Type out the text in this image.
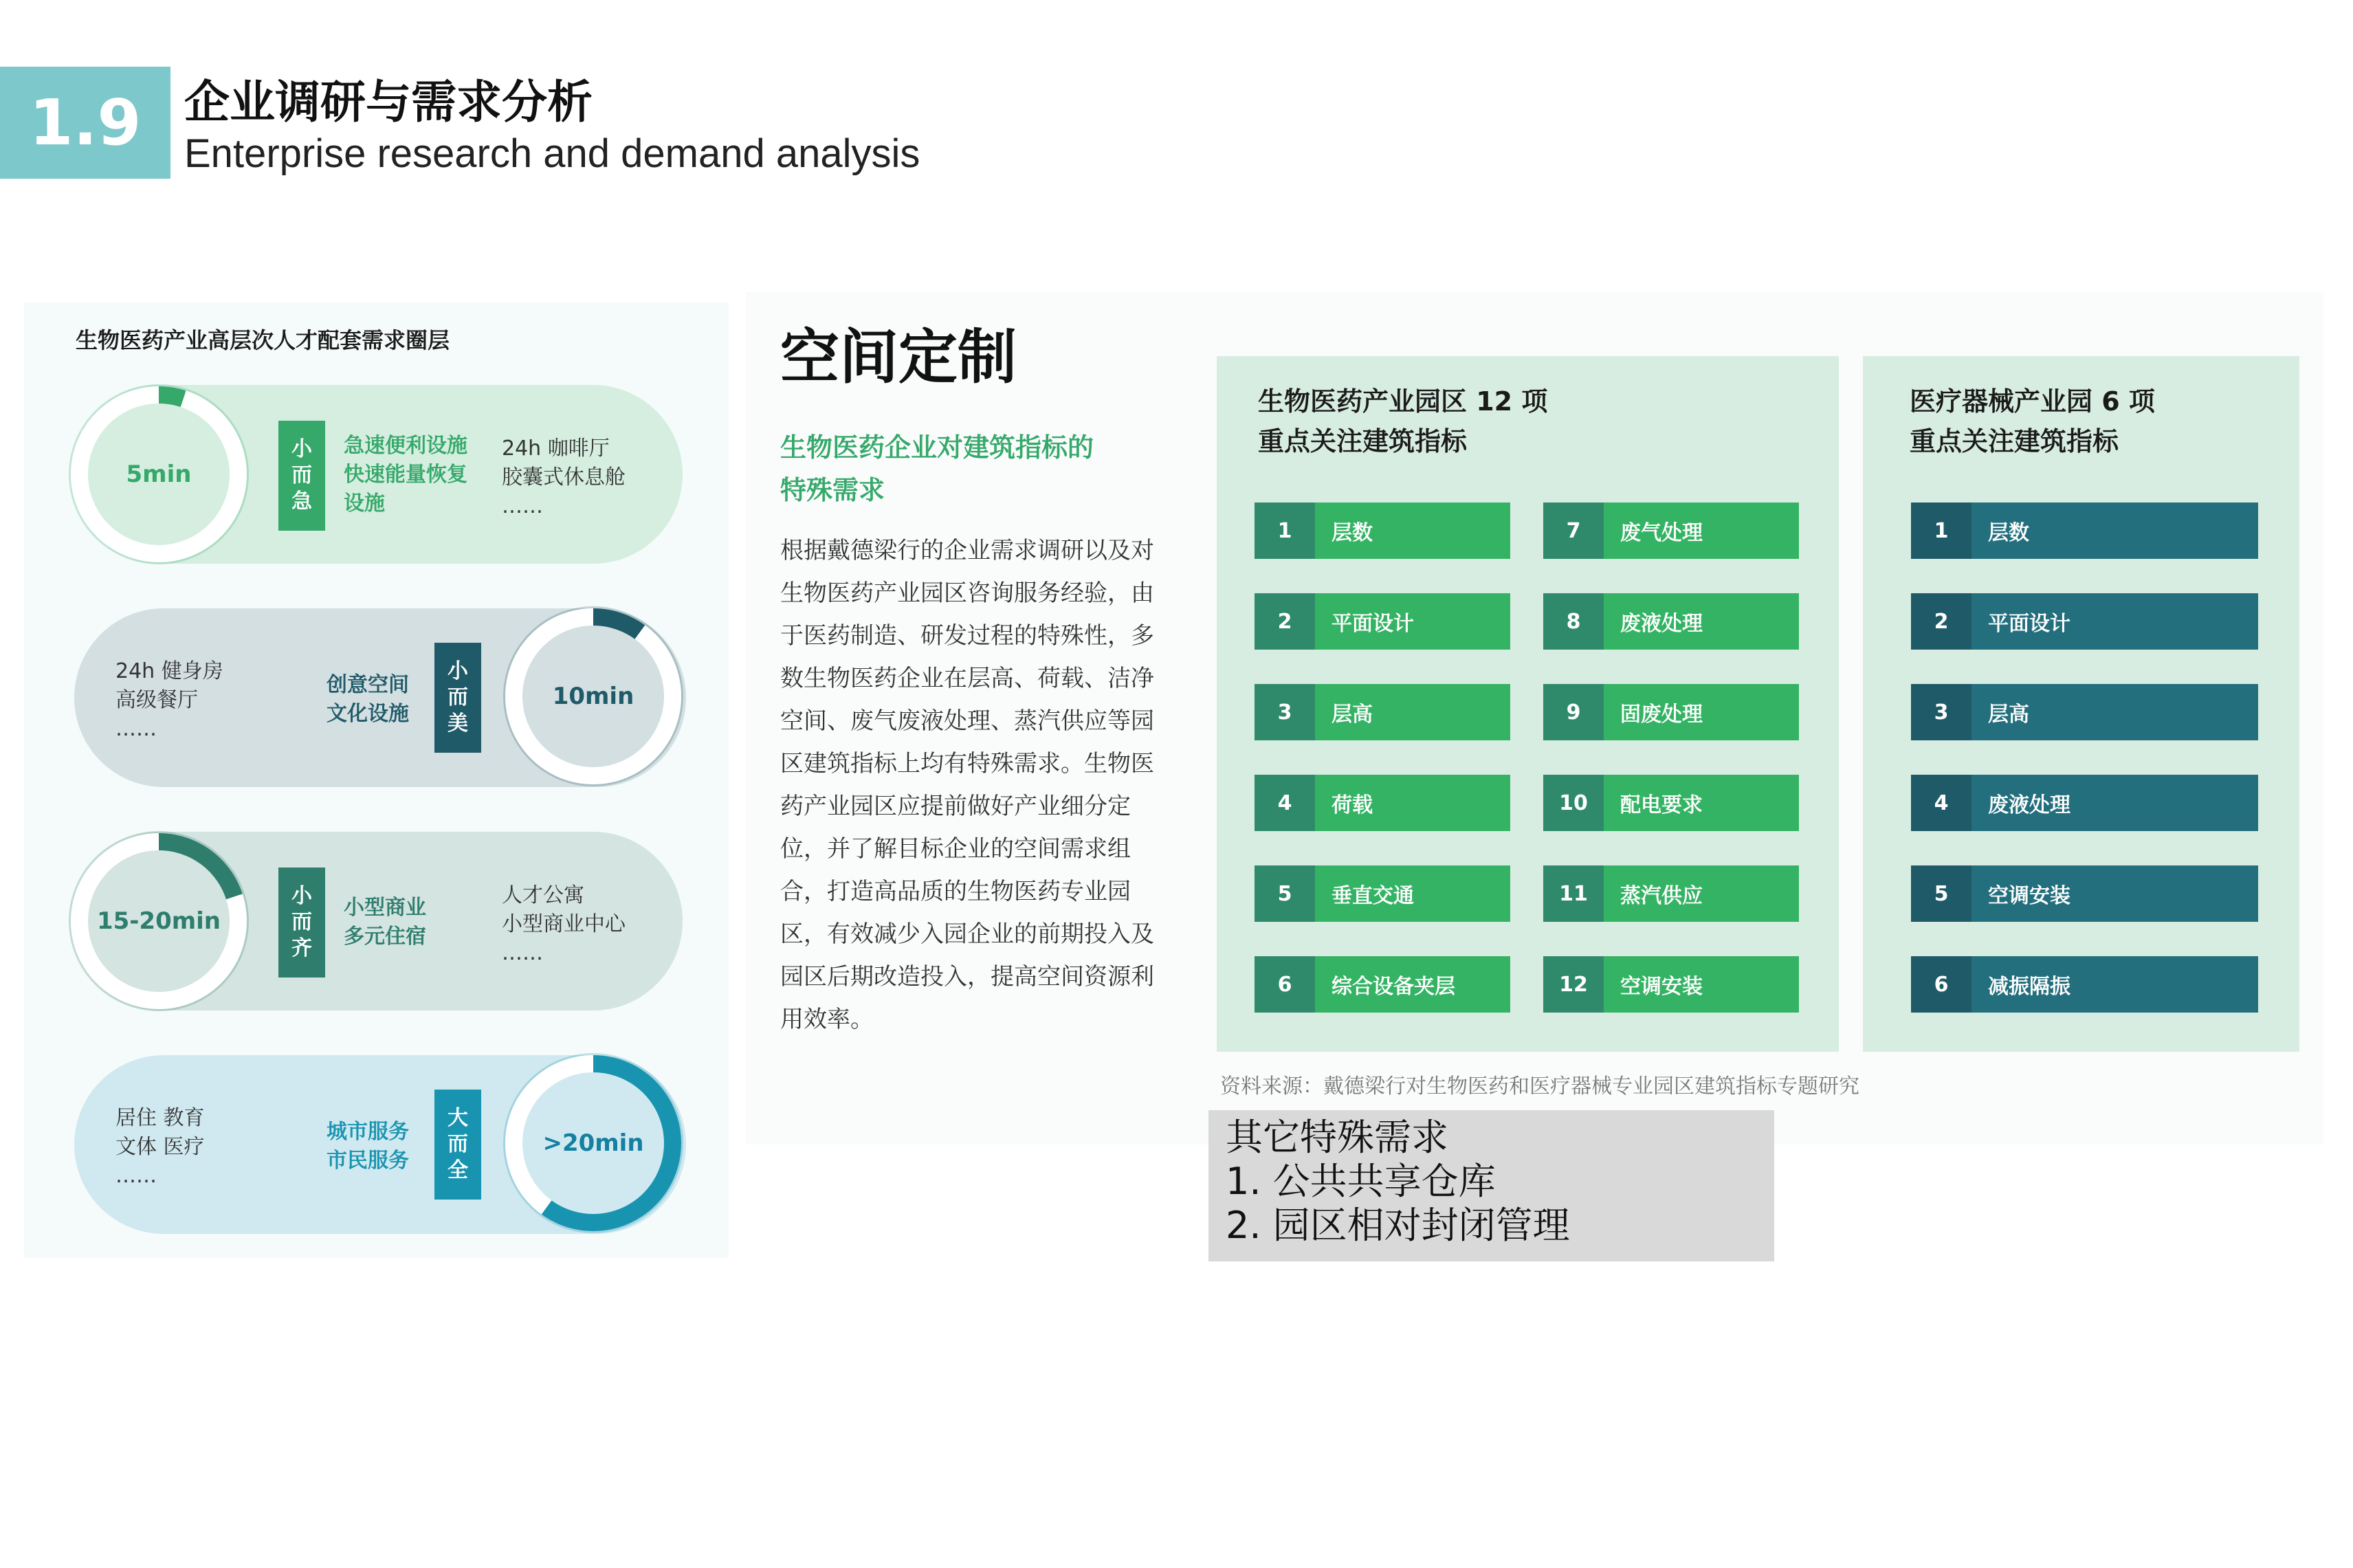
1.9 企业调研与需求分析
Enterprise research and demand analysis
生物医药产业高层次人才配套需求圈层
5min
小
而
急
急速便利设施
快速能量恢复
设施
24h 咖啡厅
胶囊式休息舱
……
10min
小
而
美
创意空间
文化设施
24h 健身房
高级餐厅
……
15-20min
小
而
齐
小型商业
多元住宿
人才公寓
小型商业中心
……
>20min
大
而
全
城市服务
市民服务
居住 教育
文体 医疗
……
空间定制
生物医药企业对建筑指标的
特殊需求
根据戴德梁行的企业需求调研以及对生物医药产业园区咨询服务经验，由于医药制造、研发过程的特殊性，多数生物医药企业在层高、荷载、洁净空间、废气废液处理、蒸汽供应等园区建筑指标上均有特殊需求。生物医药产业园区应提前做好产业细分定位，并了解目标企业的空间需求组合，打造高品质的生物医药专业园区，有效减少入园企业的前期投入及园区后期改造投入，提高空间资源利用效率。
生物医药产业园区 12 项
重点关注建筑指标
1	层数
2	平面设计
3	层高
4	荷载
5	垂直交通
6	综合设备夹层
7	废气处理
8	废液处理
9	固废处理
10	配电要求
11	蒸汽供应
12	空调安装
医疗器械产业园 6 项
重点关注建筑指标
1	层数
2	平面设计
3	层高
4	废液处理
5	空调安装
6	减振隔振
资料来源：戴德梁行对生物医药和医疗器械专业园区建筑指标专题研究
其它特殊需求
1. 公共共享仓库
2. 园区相对封闭管理
